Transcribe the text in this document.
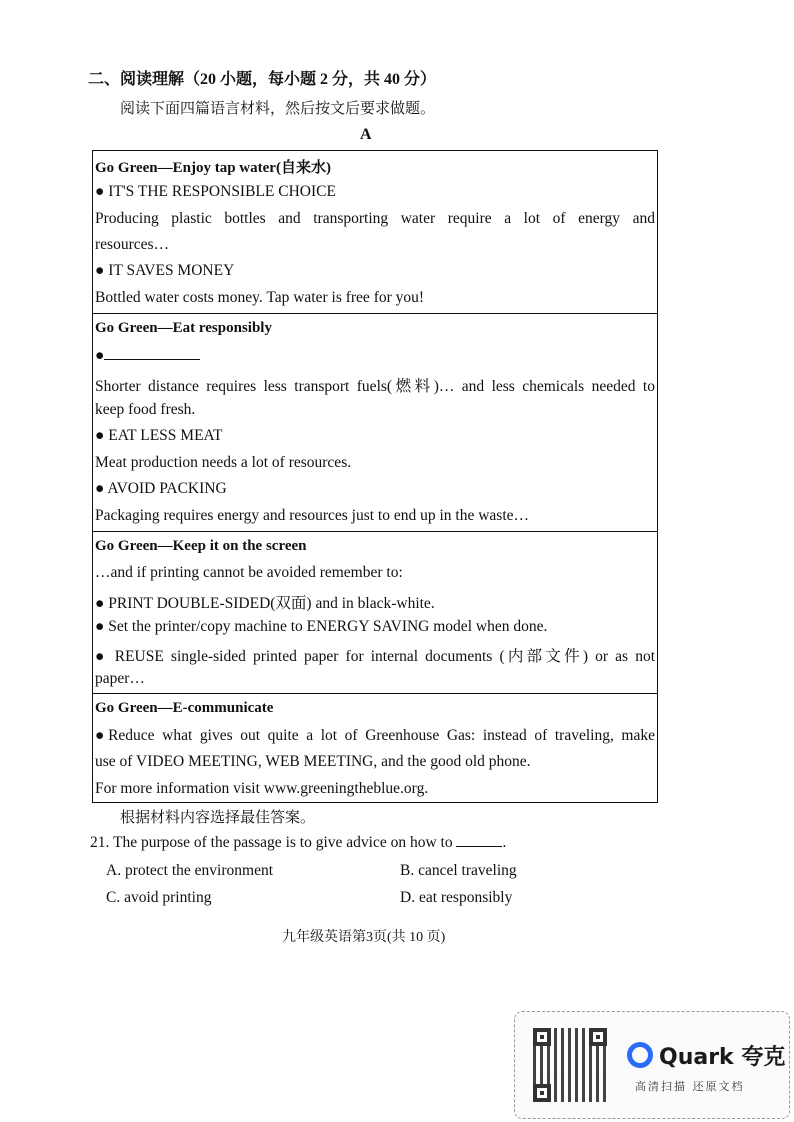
二、阅读理解（20 小题，每小题 2 分，共 40 分）
阅读下面四篇语言材料，然后按文后要求做题。
A
Go Green—Enjoy tap water(自来水)
● IT'S THE RESPONSIBLE CHOICE
Producing plastic bottles and transporting water require a lot of energy and
resources…
● IT SAVES MONEY
Bottled water costs money. Tap water is free for you!
Go Green—Eat responsibly
●
Shorter distance requires less transport fuels(燃料)… and less chemicals needed to
keep food fresh.
● EAT LESS MEAT
Meat production needs a lot of resources.
● AVOID PACKING
Packaging requires energy and resources just to end up in the waste…
Go Green—Keep it on the screen
…and if printing cannot be avoided remember to:
● PRINT DOUBLE-SIDED(双面) and in black-white.
● Set the printer/copy machine to ENERGY SAVING model when done.
● REUSE single-sided printed paper for internal documents (内部文件) or as not
paper…
Go Green—E-communicate
●Reduce what gives out quite a lot of Greenhouse Gas: instead of traveling, make
use of VIDEO MEETING, WEB MEETING, and the good old phone.
For more information visit www.greeningtheblue.org.
根据材料内容选择最佳答案。
21. The purpose of the passage is to give advice on how to	.
A. protect the environment	B. cancel traveling
C. avoid printing	D. eat responsibly
九年级英语第3页(共 10 页)
Quark 夸克
高清扫描 还原文档
